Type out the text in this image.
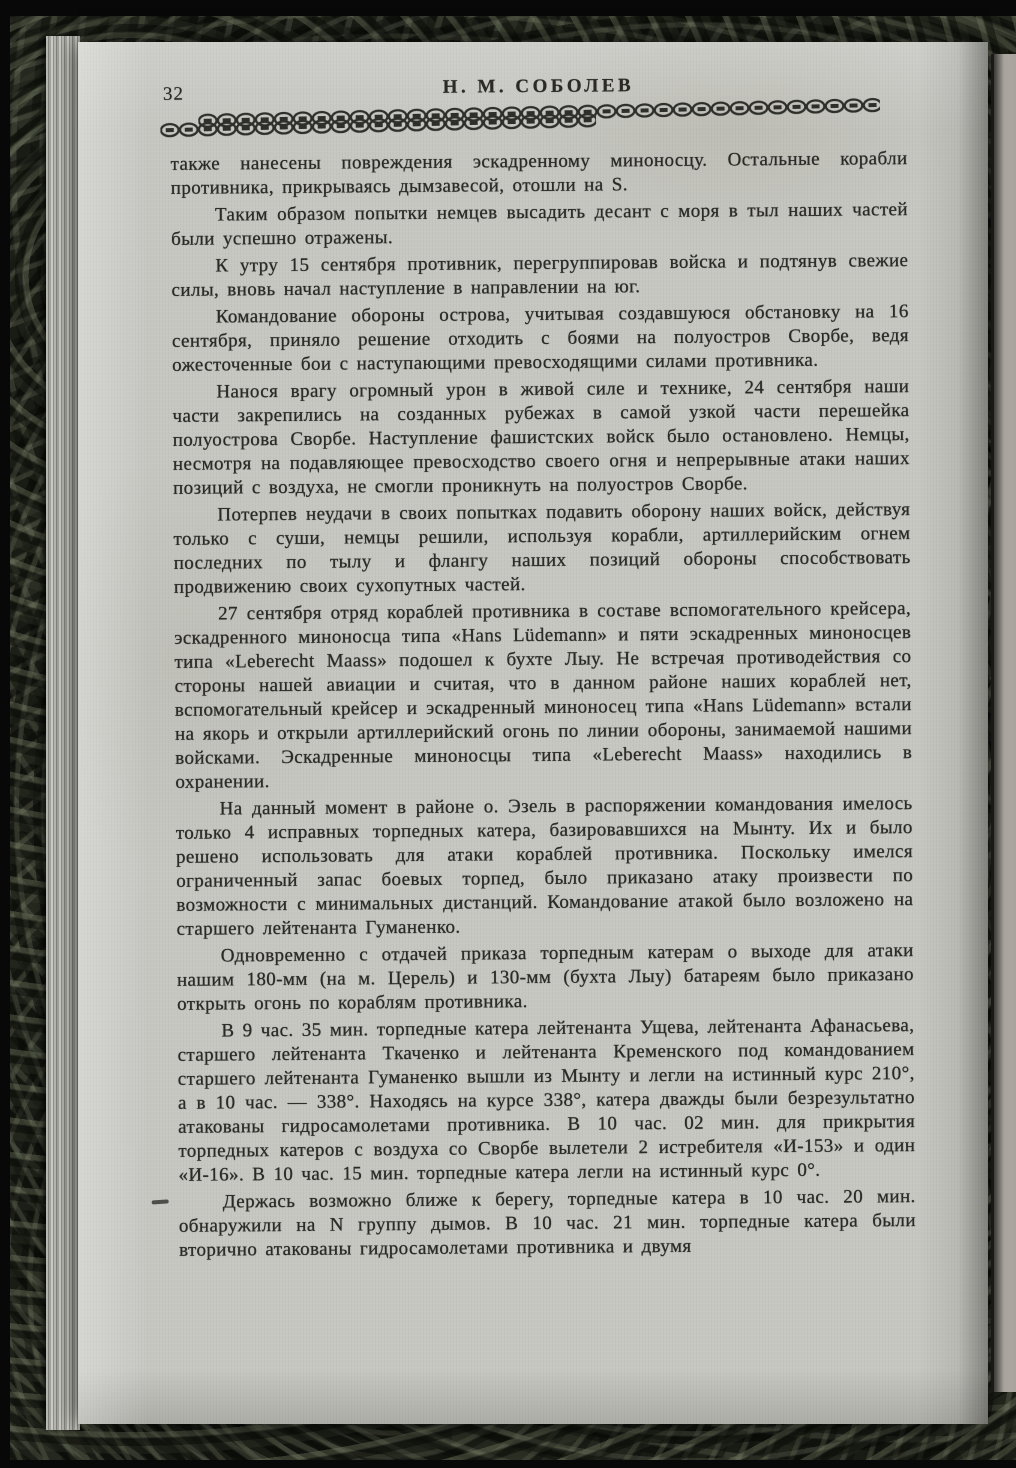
32	Н. М. СОБОЛЕВ

также нанесены повреждения эскадренному миноносцу. Остальные корабли противника, прикрываясь дымзавесой, отошли на S.

Таким образом попытки немцев высадить десант с моря в тыл наших частей были успешно отражены.

К утру 15 сентября противник, перегруппировав войска и подтянув свежие силы, вновь начал наступление в направлении на юг.

Командование обороны острова, учитывая создавшуюся обстановку на 16 сентября, приняло решение отходить с боями на полуостров Сворбе, ведя ожесточенные бои с наступающими превосходящими силами противника.

Нанося врагу огромный урон в живой силе и технике, 24 сентября наши части закрепились на созданных рубежах в самой узкой части перешейка полуострова Сворбе. Наступление фашистских войск было остановлено. Немцы, несмотря на подавляющее превосходство своего огня и непрерывные атаки наших позиций с воздуха, не смогли проникнуть на полуостров Сворбе.

Потерпев неудачи в своих попытках подавить оборону наших войск, действуя только с суши, немцы решили, используя корабли, артиллерийским огнем последних по тылу и флангу наших позиций обороны способствовать продвижению своих сухопутных частей.

27 сентября отряд кораблей противника в составе вспомогательного крейсера, эскадренного миноносца типа «Hans Lüdemann» и пяти эскадренных миноносцев типа «Leberecht Maass» подошел к бухте Лыу. Не встречая противодействия со стороны нашей авиации и считая, что в данном районе наших кораблей нет, вспомогательный крейсер и эскадренный миноносец типа «Hans Lüdemann» встали на якорь и открыли артиллерийский огонь по линии обороны, занимаемой нашими войсками. Эскадренные миноносцы типа «Leberecht Maass» находились в охранении.

На данный момент в районе о. Эзель в распоряжении командования имелось только 4 исправных торпедных катера, базировавшихся на Мынту. Их и было решено использовать для атаки кораблей противника. Поскольку имелся ограниченный запас боевых торпед, было приказано атаку произвести по возможности с минимальных дистанций. Командование атакой было возложено на старшего лейтенанта Гуманенко.

Одновременно с отдачей приказа торпедным катерам о выходе для атаки нашим 180-мм (на м. Церель) и 130-мм (бухта Лыу) батареям было приказано открыть огонь по кораблям противника.

В 9 час. 35 мин. торпедные катера лейтенанта Ущева, лейтенанта Афанасьева, старшего лейтенанта Ткаченко и лейтенанта Кременского под командованием старшего лейтенанта Гуманенко вышли из Мынту и легли на истинный курс 210°, а в 10 час. — 338°. Находясь на курсе 338°, катера дважды были безрезультатно атакованы гидросамолетами противника. В 10 час. 02 мин. для прикрытия торпедных катеров с воздуха со Сворбе вылетели 2 истребителя «И-153» и один «И-16». В 10 час. 15 мин. торпедные катера легли на истинный курс 0°.

Держась возможно ближе к берегу, торпедные катера в 10 час. 20 мин. обнаружили на N группу дымов. В 10 час. 21 мин. торпедные катера были вторично атакованы гидросамолетами противника и двумя
